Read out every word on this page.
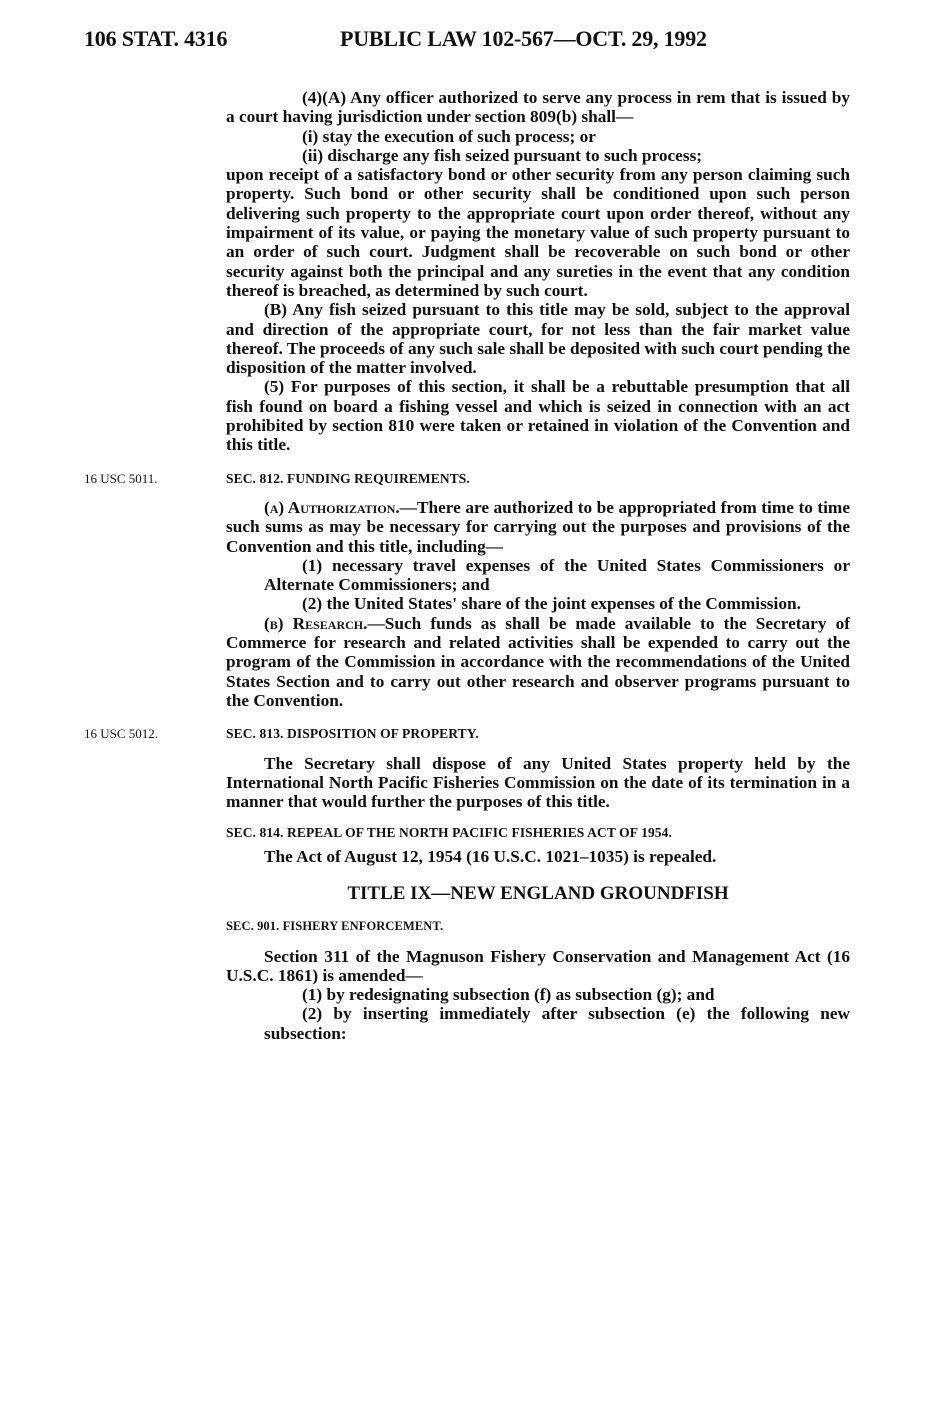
106 STAT. 4316	PUBLIC LAW 102-567—OCT. 29, 1992

(4)(A) Any officer authorized to serve any process in rem that is issued by a court having jurisdiction under section 809(b) shall—

(i) stay the execution of such process; or

(ii) discharge any fish seized pursuant to such process;

upon receipt of a satisfactory bond or other security from any person claiming such property. Such bond or other security shall be conditioned upon such person delivering such property to the appropriate court upon order thereof, without any impairment of its value, or paying the monetary value of such property pursuant to an order of such court. Judgment shall be recoverable on such bond or other security against both the principal and any sureties in the event that any condition thereof is breached, as determined by such court.

(B) Any fish seized pursuant to this title may be sold, subject to the approval and direction of the appropriate court, for not less than the fair market value thereof. The proceeds of any such sale shall be deposited with such court pending the disposition of the matter involved.

(5) For purposes of this section, it shall be a rebuttable presumption that all fish found on board a fishing vessel and which is seized in connection with an act prohibited by section 810 were taken or retained in violation of the Convention and this title.

16 USC 5011.	SEC. 812. FUNDING REQUIREMENTS.

(a) Authorization.—There are authorized to be appropriated from time to time such sums as may be necessary for carrying out the purposes and provisions of the Convention and this title, including—

(1) necessary travel expenses of the United States Commissioners or Alternate Commissioners; and

(2) the United States' share of the joint expenses of the Commission.

(b) Research.—Such funds as shall be made available to the Secretary of Commerce for research and related activities shall be expended to carry out the program of the Commission in accordance with the recommendations of the United States Section and to carry out other research and observer programs pursuant to the Convention.

16 USC 5012.	SEC. 813. DISPOSITION OF PROPERTY.

The Secretary shall dispose of any United States property held by the International North Pacific Fisheries Commission on the date of its termination in a manner that would further the purposes of this title.

SEC. 814. REPEAL OF THE NORTH PACIFIC FISHERIES ACT OF 1954.

The Act of August 12, 1954 (16 U.S.C. 1021–1035) is repealed.

TITLE IX—NEW ENGLAND GROUNDFISH

SEC. 901. FISHERY ENFORCEMENT.

Section 311 of the Magnuson Fishery Conservation and Management Act (16 U.S.C. 1861) is amended—

(1) by redesignating subsection (f) as subsection (g); and

(2) by inserting immediately after subsection (e) the following new subsection:
